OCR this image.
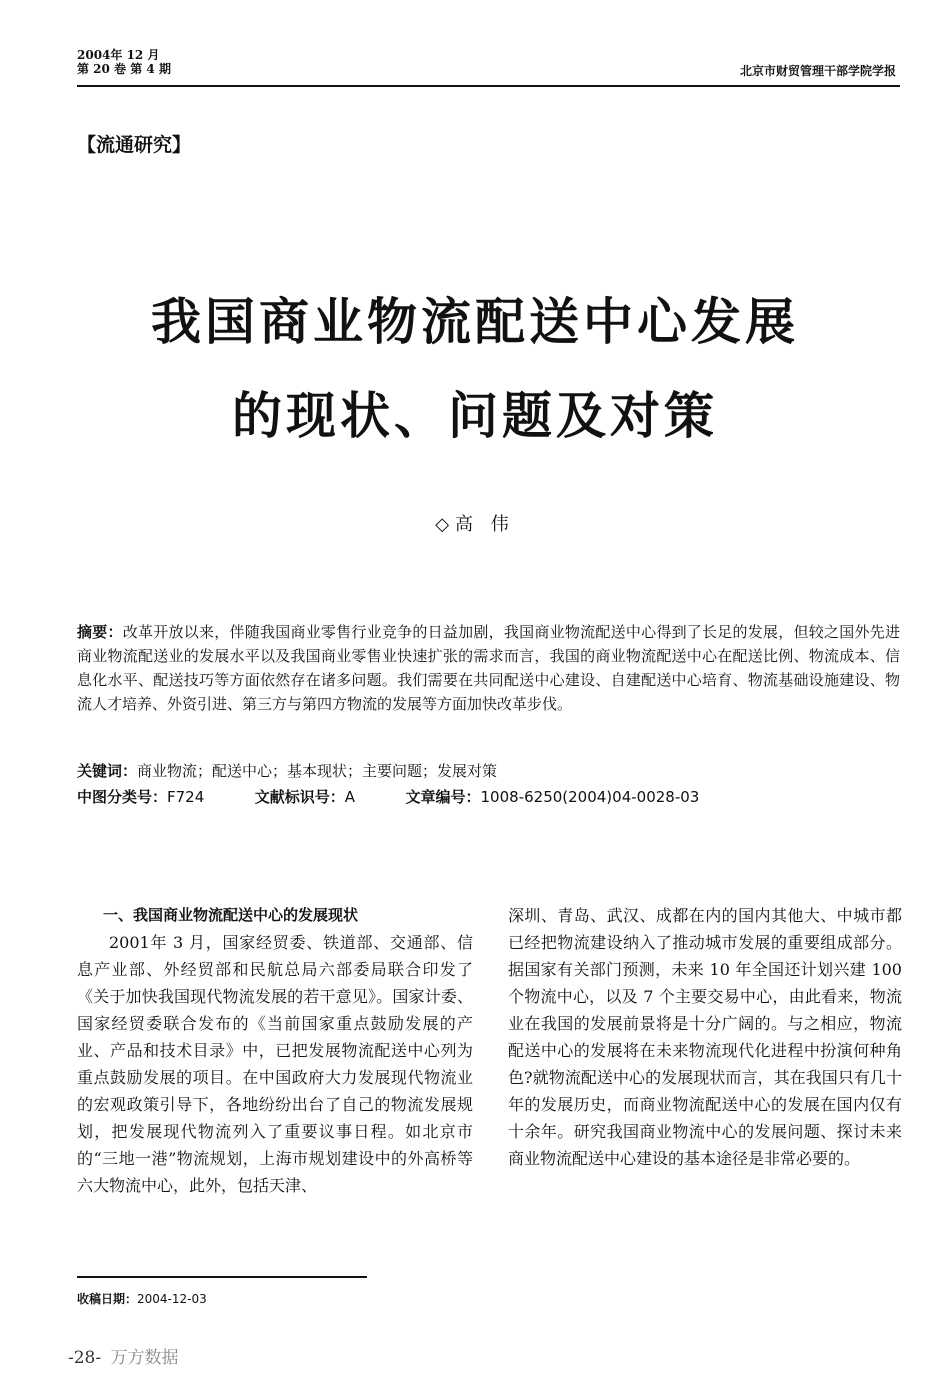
2004年 12 月
第 20 卷 第 4 期	北京市财贸管理干部学院学报
【流通研究】
我国商业物流配送中心发展
的现状、问题及对策
◇高 伟
摘要：改革开放以来，伴随我国商业零售行业竞争的日益加剧，我国商业物流配送中心得到了长足的发展，但较之国外先进商业物流配送业的发展水平以及我国商业零售业快速扩张的需求而言，我国的商业物流配送中心在配送比例、物流成本、信息化水平、配送技巧等方面依然存在诸多问题。我们需要在共同配送中心建设、自建配送中心培育、物流基础设施建设、物流人才培养、外资引进、第三方与第四方物流的发展等方面加快改革步伐。
关键词：商业物流；配送中心；基本现状；主要问题；发展对策
中图分类号：F724	文献标识号：A	文章编号：1008-6250(2004)04-0028-03
一、我国商业物流配送中心的发展现状

2001年 3 月，国家经贸委、铁道部、交通部、信息产业部、外经贸部和民航总局六部委局联合印发了《关于加快我国现代物流发展的若干意见》。国家计委、国家经贸委联合发布的《当前国家重点鼓励发展的产业、产品和技术目录》中，已把发展物流配送中心列为重点鼓励发展的项目。在中国政府大力发展现代物流业的宏观政策引导下，各地纷纷出台了自己的物流发展规划，把发展现代物流列入了重要议事日程。如北京市的“三地一港”物流规划，上海市规划建设中的外高桥等六大物流中心，此外，包括天津、

深圳、青岛、武汉、成都在内的国内其他大、中城市都已经把物流建设纳入了推动城市发展的重要组成部分。据国家有关部门预测，未来 10 年全国还计划兴建 100 个物流中心，以及 7 个主要交易中心，由此看来，物流业在我国的发展前景将是十分广阔的。与之相应，物流配送中心的发展将在未来物流现代化进程中扮演何种角色?就物流配送中心的发展现状而言，其在我国只有几十年的发展历史，而商业物流配送中心的发展在国内仅有十余年。研究我国商业物流中心的发展问题、探讨未来商业物流配送中心建设的基本途径是非常必要的。

收稿日期：2004-12-03
-28- 万方数据
